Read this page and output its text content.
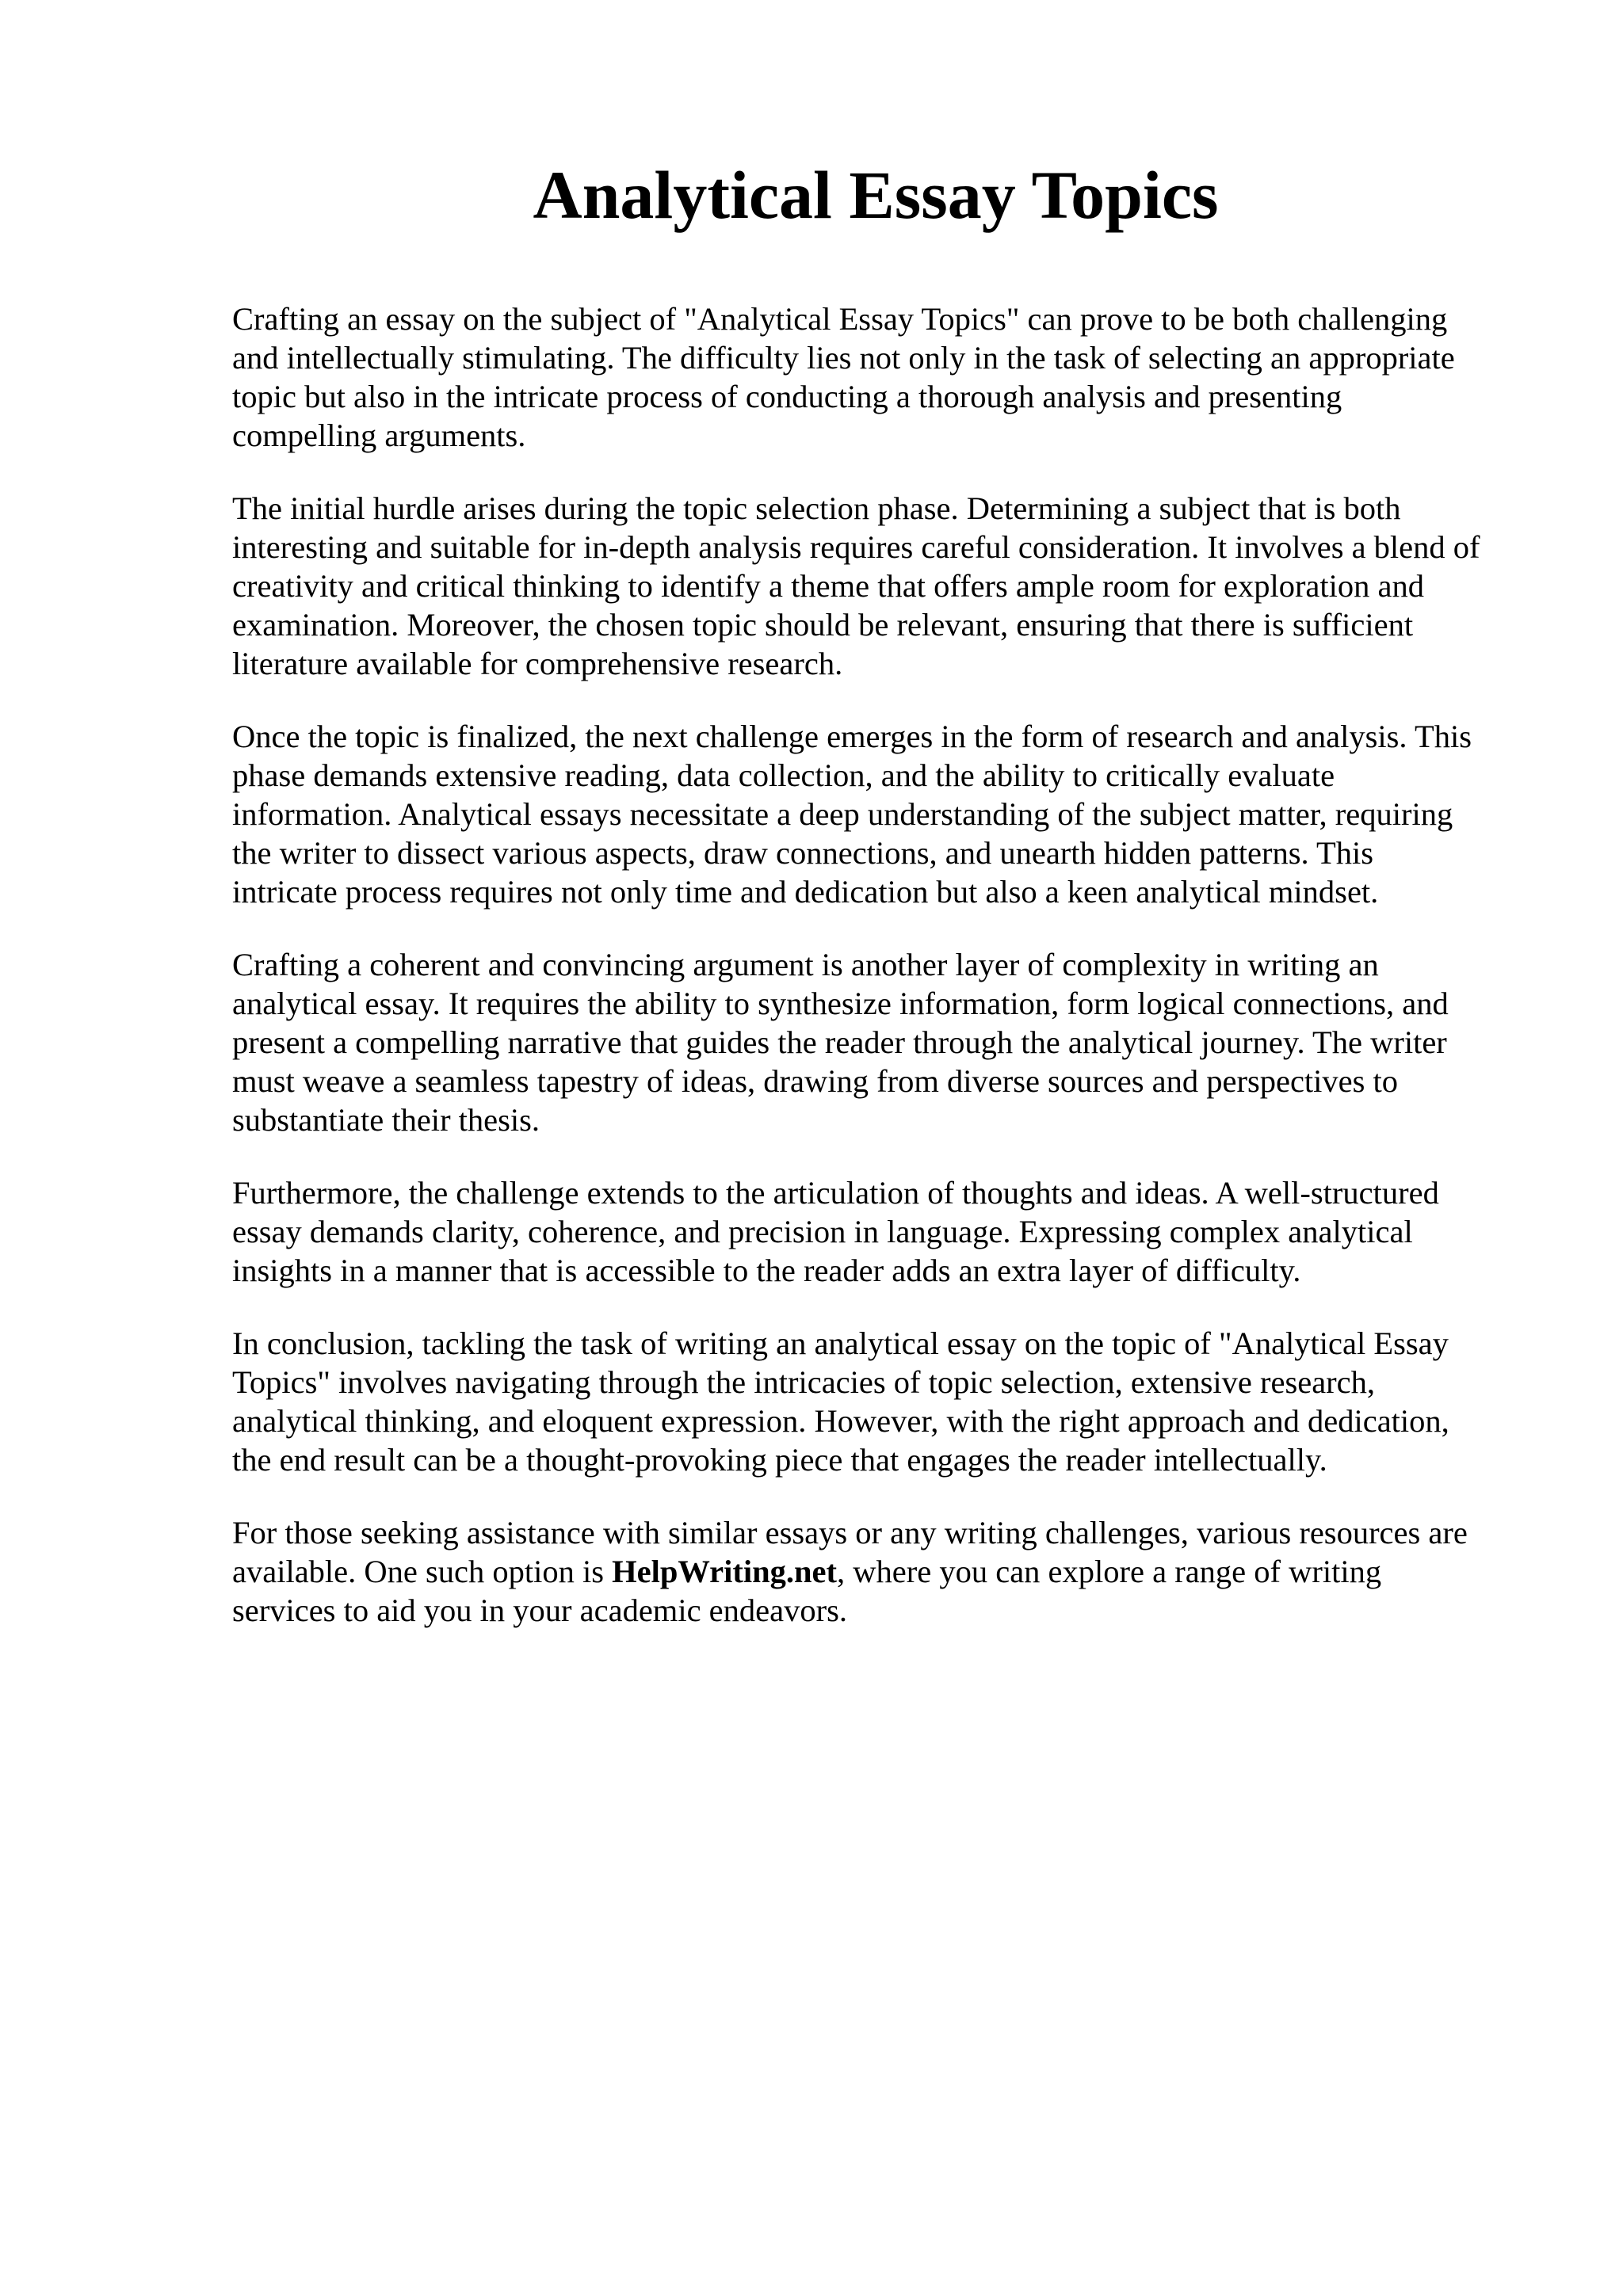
Analytical Essay Topics

Crafting an essay on the subject of "Analytical Essay Topics" can prove to be both challenging
and intellectually stimulating. The difficulty lies not only in the task of selecting an appropriate
topic but also in the intricate process of conducting a thorough analysis and presenting
compelling arguments.

The initial hurdle arises during the topic selection phase. Determining a subject that is both
interesting and suitable for in-depth analysis requires careful consideration. It involves a blend of
creativity and critical thinking to identify a theme that offers ample room for exploration and
examination. Moreover, the chosen topic should be relevant, ensuring that there is sufficient
literature available for comprehensive research.

Once the topic is finalized, the next challenge emerges in the form of research and analysis. This
phase demands extensive reading, data collection, and the ability to critically evaluate
information. Analytical essays necessitate a deep understanding of the subject matter, requiring
the writer to dissect various aspects, draw connections, and unearth hidden patterns. This
intricate process requires not only time and dedication but also a keen analytical mindset.

Crafting a coherent and convincing argument is another layer of complexity in writing an
analytical essay. It requires the ability to synthesize information, form logical connections, and
present a compelling narrative that guides the reader through the analytical journey. The writer
must weave a seamless tapestry of ideas, drawing from diverse sources and perspectives to
substantiate their thesis.

Furthermore, the challenge extends to the articulation of thoughts and ideas. A well-structured
essay demands clarity, coherence, and precision in language. Expressing complex analytical
insights in a manner that is accessible to the reader adds an extra layer of difficulty.

In conclusion, tackling the task of writing an analytical essay on the topic of "Analytical Essay
Topics" involves navigating through the intricacies of topic selection, extensive research,
analytical thinking, and eloquent expression. However, with the right approach and dedication,
the end result can be a thought-provoking piece that engages the reader intellectually.

For those seeking assistance with similar essays or any writing challenges, various resources are
available. One such option is HelpWriting.net, where you can explore a range of writing
services to aid you in your academic endeavors.
